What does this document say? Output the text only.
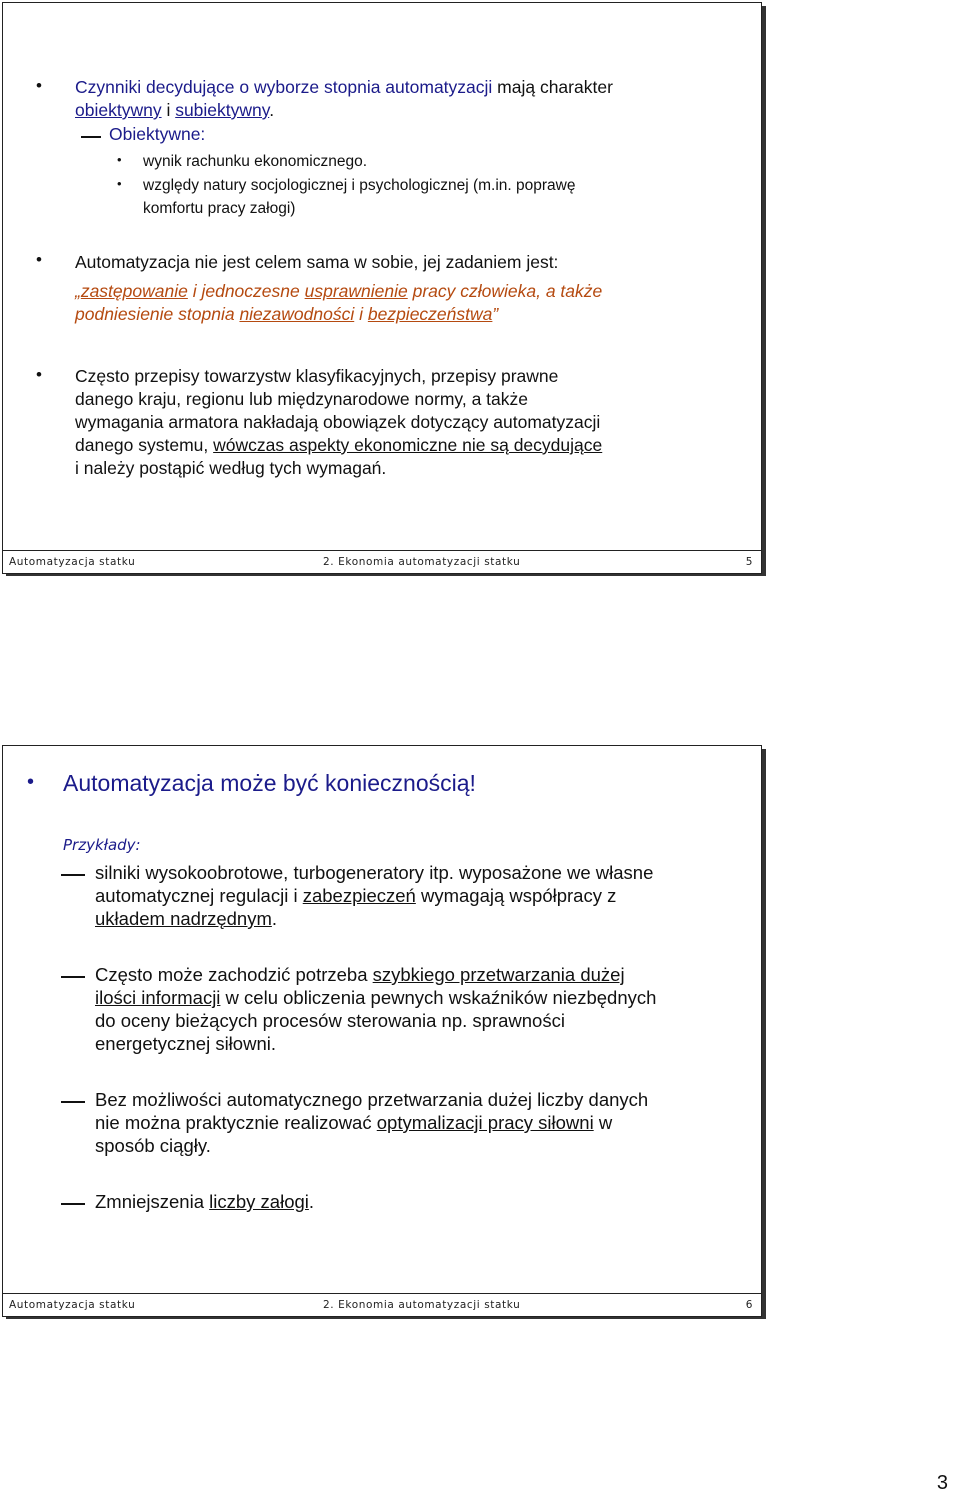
• Czynniki decydujące o wyborze stopnia automatyzacji mają charakter
obiektywny i subiektywny.
Obiektywne:
• wynik rachunku ekonomicznego.
• względy natury socjologicznej i psychologicznej (m.in. poprawę
komfortu pracy załogi)
• Automatyzacja nie jest celem sama w sobie, jej zadaniem jest:
„zastępowanie i jednoczesne usprawnienie pracy człowieka, a także
podniesienie stopnia niezawodności i bezpieczeństwa”
• Często przepisy towarzystw klasyfikacyjnych, przepisy prawne
danego kraju, regionu lub międzynarodowe normy, a także
wymagania armatora nakładają obowiązek dotyczący automatyzacji
danego systemu, wówczas aspekty ekonomiczne nie są decydujące
i należy postąpić według tych wymagań.
Automatyzacja statku	2. Ekonomia automatyzacji statku	5
• Automatyzacja może być koniecznością!
Przykłady:
silniki wysokoobrotowe, turbogeneratory itp. wyposażone we własne
automatycznej regulacji i zabezpieczeń wymagają współpracy z
układem nadrzędnym.
Często może zachodzić potrzeba szybkiego przetwarzania dużej
ilości informacji w celu obliczenia pewnych wskaźników niezbędnych
do oceny bieżących procesów sterowania np. sprawności
energetycznej siłowni.
Bez możliwości automatycznego przetwarzania dużej liczby danych
nie można praktycznie realizować optymalizacji pracy siłowni w
sposób ciągły.
Zmniejszenia liczby załogi.
Automatyzacja statku	2. Ekonomia automatyzacji statku	6
3
